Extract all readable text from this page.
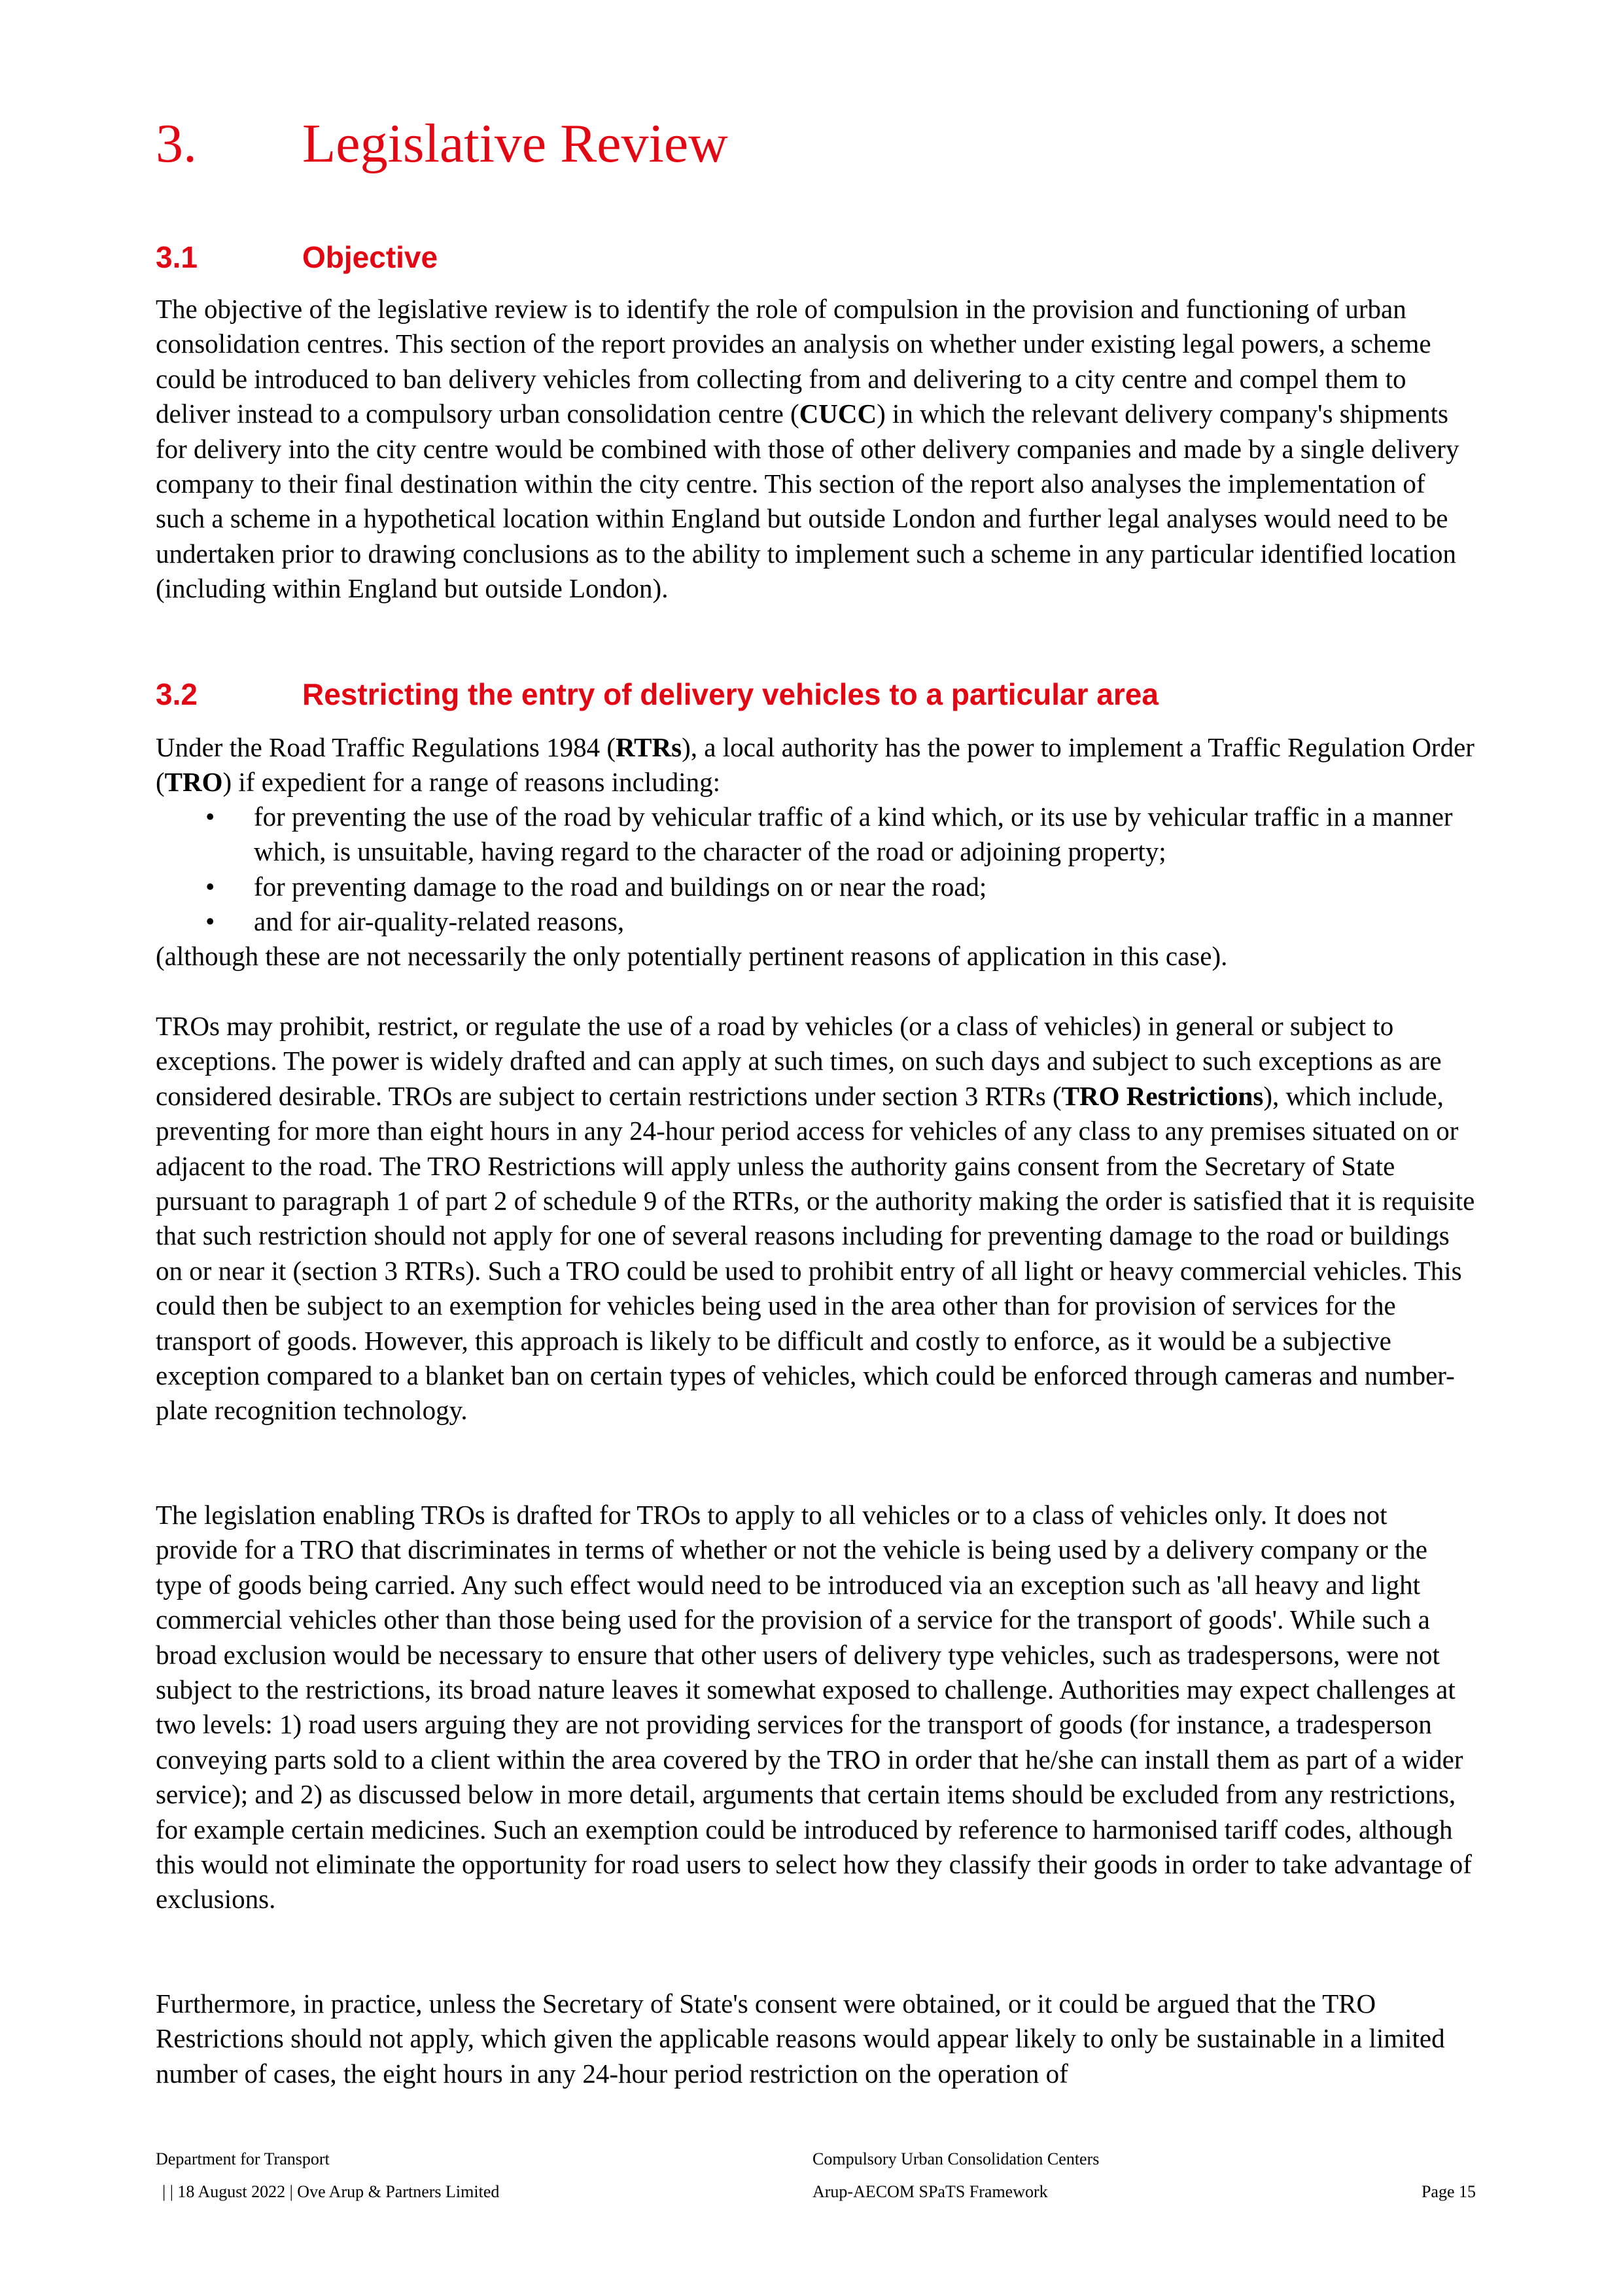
3. Legislative Review
3.1	Objective

The objective of the legislative review is to identify the role of compulsion in the provision and functioning of urban consolidation centres. This section of the report provides an analysis on whether under existing legal powers, a scheme could be introduced to ban delivery vehicles from collecting from and delivering to a city centre and compel them to deliver instead to a compulsory urban consolidation centre (CUCC) in which the relevant delivery company's shipments for delivery into the city centre would be combined with those of other delivery companies and made by a single delivery company to their final destination within the city centre. This section of the report also analyses the implementation of such a scheme in a hypothetical location within England but outside London and further legal analyses would need to be undertaken prior to drawing conclusions as to the ability to implement such a scheme in any particular identified location (including within England but outside London).

3.2	Restricting the entry of delivery vehicles to a particular area

Under the Road Traffic Regulations 1984 (RTRs), a local authority has the power to implement a Traffic Regulation Order (TRO) if expedient for a range of reasons including:

• for preventing the use of the road by vehicular traffic of a kind which, or its use by vehicular traffic in a manner which, is unsuitable, having regard to the character of the road or adjoining property;
• for preventing damage to the road and buildings on or near the road;
• and for air-quality-related reasons,

(although these are not necessarily the only potentially pertinent reasons of application in this case).

TROs may prohibit, restrict, or regulate the use of a road by vehicles (or a class of vehicles) in general or subject to exceptions. The power is widely drafted and can apply at such times, on such days and subject to such exceptions as are considered desirable. TROs are subject to certain restrictions under section 3 RTRs (TRO Restrictions), which include, preventing for more than eight hours in any 24-hour period access for vehicles of any class to any premises situated on or adjacent to the road. The TRO Restrictions will apply unless the authority gains consent from the Secretary of State pursuant to paragraph 1 of part 2 of schedule 9 of the RTRs, or the authority making the order is satisfied that it is requisite that such restriction should not apply for one of several reasons including for preventing damage to the road or buildings on or near it (section 3 RTRs). Such a TRO could be used to prohibit entry of all light or heavy commercial vehicles. This could then be subject to an exemption for vehicles being used in the area other than for provision of services for the transport of goods. However, this approach is likely to be difficult and costly to enforce, as it would be a subjective exception compared to a blanket ban on certain types of vehicles, which could be enforced through cameras and number-plate recognition technology.

The legislation enabling TROs is drafted for TROs to apply to all vehicles or to a class of vehicles only. It does not provide for a TRO that discriminates in terms of whether or not the vehicle is being used by a delivery company or the type of goods being carried. Any such effect would need to be introduced via an exception such as 'all heavy and light commercial vehicles other than those being used for the provision of a service for the transport of goods'. While such a broad exclusion would be necessary to ensure that other users of delivery type vehicles, such as tradespersons, were not subject to the restrictions, its broad nature leaves it somewhat exposed to challenge. Authorities may expect challenges at two levels: 1) road users arguing they are not providing services for the transport of goods (for instance, a tradesperson conveying parts sold to a client within the area covered by the TRO in order that he/she can install them as part of a wider service); and 2) as discussed below in more detail, arguments that certain items should be excluded from any restrictions, for example certain medicines. Such an exemption could be introduced by reference to harmonised tariff codes, although this would not eliminate the opportunity for road users to select how they classify their goods in order to take advantage of exclusions.

Furthermore, in practice, unless the Secretary of State's consent were obtained, or it could be argued that the TRO Restrictions should not apply, which given the applicable reasons would appear likely to only be sustainable in a limited number of cases, the eight hours in any 24-hour period restriction on the operation of

Department for Transport
| | 18 August 2022 | Ove Arup & Partners Limited
Compulsory Urban Consolidation Centers
Arup-AECOM SPaTS Framework	Page 15
